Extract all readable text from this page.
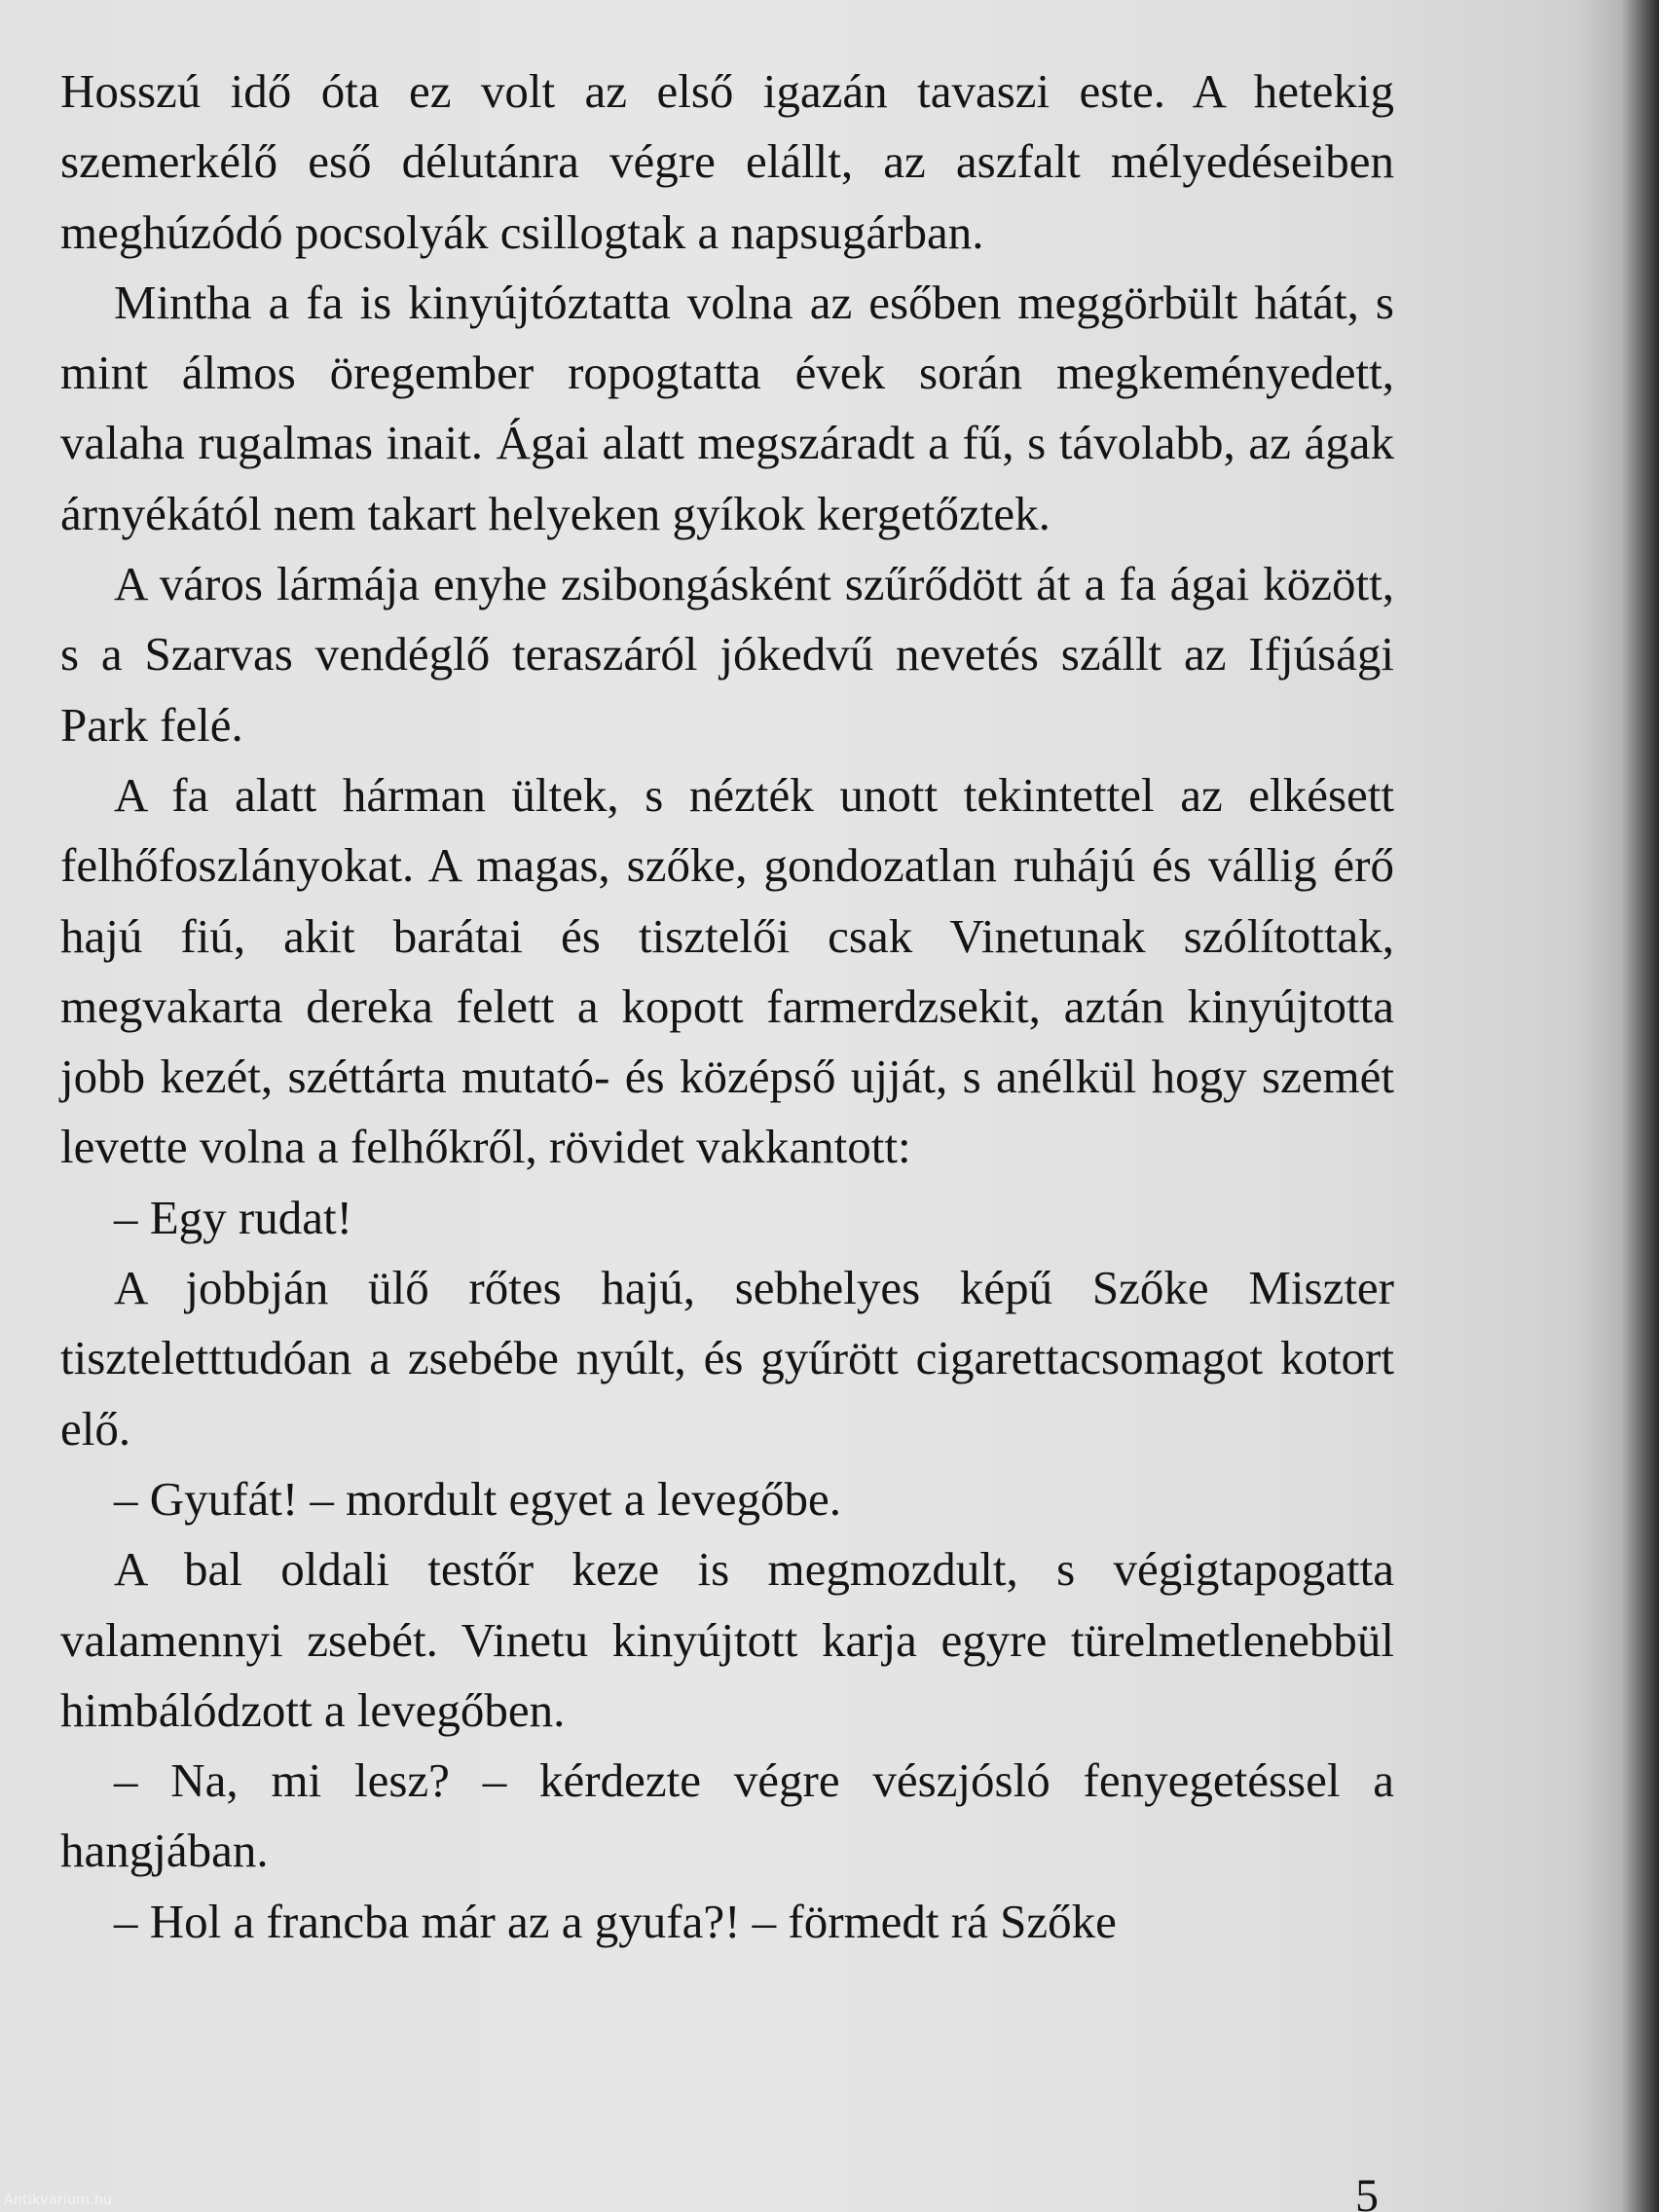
Hosszú idő óta ez volt az első igazán tavaszi este. A hetekig szemerkélő eső délutánra végre elállt, az aszfalt mélyedéseiben meghúzódó pocsolyák csillogtak a napsugárban.

Mintha a fa is kinyújtóztatta volna az esőben meggörbült hátát, s mint álmos öregember ropogtatta évek során megkeményedett, valaha rugalmas inait. Ágai alatt megszáradt a fű, s távolabb, az ágak árnyékától nem takart helyeken gyíkok kergetőztek.

A város lármája enyhe zsibongásként szűrődött át a fa ágai között, s a Szarvas vendéglő teraszáról jókedvű nevetés szállt az Ifjúsági Park felé.

A fa alatt hárman ültek, s nézték unott tekintettel az elkésett felhőfoszlányokat. A magas, szőke, gondozatlan ruhájú és vállig érő hajú fiú, akit barátai és tisztelői csak Vinetunak szólítottak, megvakarta dereka felett a kopott farmerdzsekit, aztán kinyújtotta jobb kezét, széttárta mutató- és középső ujját, s anélkül hogy szemét levette volna a felhőkről, rövidet vakkantott:

– Egy rudat!

A jobbján ülő rőtes hajú, sebhelyes képű Szőke Miszter tiszteletttudóan a zsebébe nyúlt, és gyűrött cigarettacsomagot kotort elő.

– Gyufát! – mordult egyet a levegőbe.

A bal oldali testőr keze is megmozdult, s végigtapogatta valamennyi zsebét. Vinetu kinyújtott karja egyre türelmetlenebbül himbálódzott a levegőben.

– Na, mi lesz? – kérdezte végre vészjósló fenyegetéssel a hangjában.

– Hol a francba már az a gyufa?! – förmedt rá Szőke

5
Antikvarium.hu
